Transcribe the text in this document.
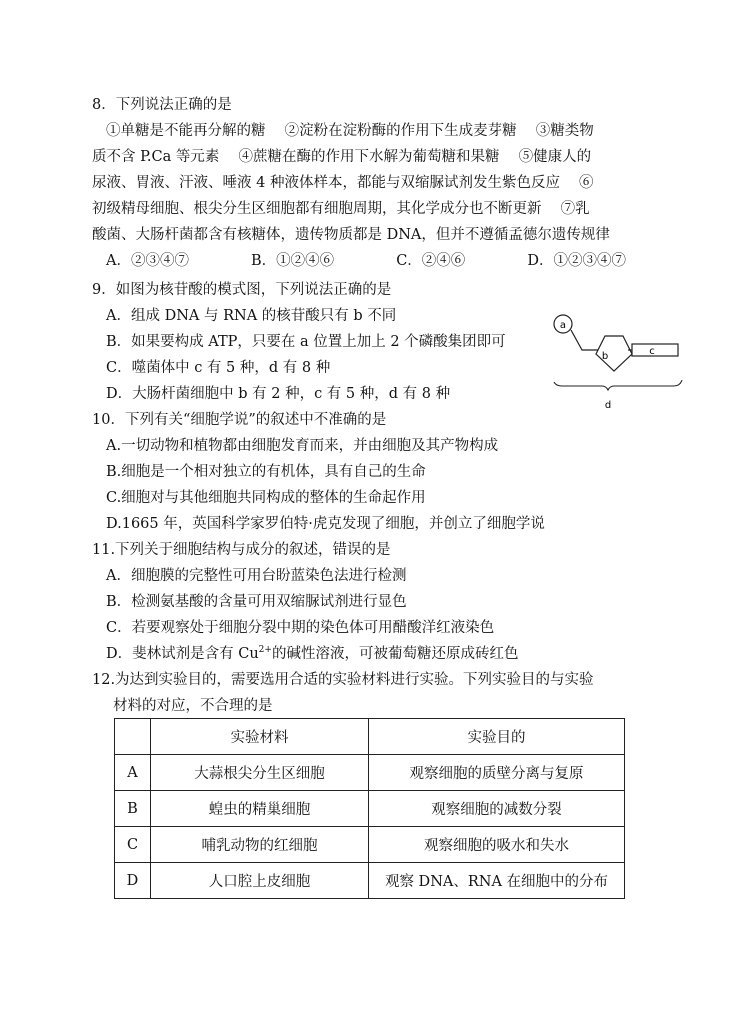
8．下列说法正确的是
①单糖是不能再分解的糖　 ②淀粉在淀粉酶的作用下生成麦芽糖　 ③糖类物
质不含 P.Ca 等元素　 ④蔗糖在酶的作用下水解为葡萄糖和果糖　 ⑤健康人的
尿液、胃液、汗液、唾液 4 种液体样本，都能与双缩脲试剂发生紫色反应　 ⑥
初级精母细胞、根尖分生区细胞都有细胞周期，其化学成分也不断更新　 ⑦乳
酸菌、大肠杆菌都含有核糖体，遗传物质都是 DNA，但并不遵循孟德尔遗传规律
A．②③④⑦	B．①②④⑥	C．②④⑥	D．①②③④⑦
9．如图为核苷酸的模式图，下列说法正确的是
A．组成 DNA 与 RNA 的核苷酸只有 b 不同
B．如果要构成 ATP，只要在 a 位置上加上 2 个磷酸集团即可
C．噬菌体中 c 有 5 种，d 有 8 种
D．大肠杆菌细胞中 b 有 2 种，c 有 5 种，d 有 8 种
a
b	c
d
10．下列有关“细胞学说”的叙述中不准确的是
A.一切动物和植物都由细胞发育而来，并由细胞及其产物构成
B.细胞是一个相对独立的有机体，具有自己的生命
C.细胞对与其他细胞共同构成的整体的生命起作用
D.1665 年，英国科学家罗伯特·虎克发现了细胞，并创立了细胞学说
11.下列关于细胞结构与成分的叙述，错误的是
A．细胞膜的完整性可用台盼蓝染色法进行检测
B．检测氨基酸的含量可用双缩脲试剂进行显色
C．若要观察处于细胞分裂中期的染色体可用醋酸洋红液染色
D．斐林试剂是含有 $Cu^{2+}$的碱性溶液，可被葡萄糖还原成砖红色
12.为达到实验目的，需要选用合适的实验材料进行实验。下列实验目的与实验
材料的对应，不合理的是
	实验材料	实验目的
A	大蒜根尖分生区细胞	观察细胞的质壁分离与复原
B	蝗虫的精巢细胞	观察细胞的减数分裂
C	哺乳动物的红细胞	观察细胞的吸水和失水
D	人口腔上皮细胞	观察 DNA、RNA 在细胞中的分布
